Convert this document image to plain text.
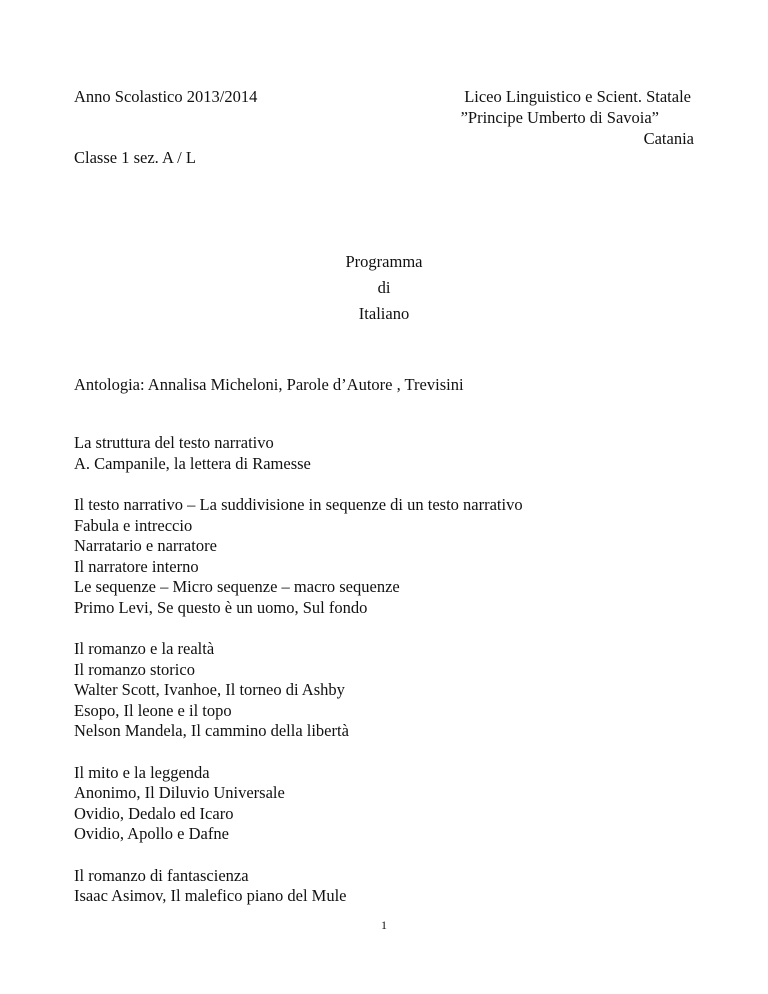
Anno Scolastico 2013/2014	Liceo Linguistico e Scient. Statale
”Principe Umberto di Savoia”
Catania
Classe 1 sez. A / L
Programma
di
Italiano
Antologia: Annalisa Micheloni, Parole d’Autore , Trevisini
La struttura del testo narrativo
A. Campanile, la lettera di Ramesse
Il testo narrativo – La suddivisione in sequenze di un testo narrativo
Fabula e intreccio
Narratario e narratore
Il narratore interno
Le sequenze – Micro sequenze – macro sequenze
Primo Levi, Se questo è un uomo, Sul fondo
Il romanzo e la realtà
Il romanzo storico
Walter Scott, Ivanhoe, Il torneo di Ashby
Esopo, Il leone e il topo
Nelson Mandela, Il cammino della libertà
Il mito e la leggenda
Anonimo, Il Diluvio Universale
Ovidio, Dedalo ed Icaro
Ovidio, Apollo e Dafne
Il romanzo di fantascienza
Isaac Asimov, Il malefico piano del Mule
1
